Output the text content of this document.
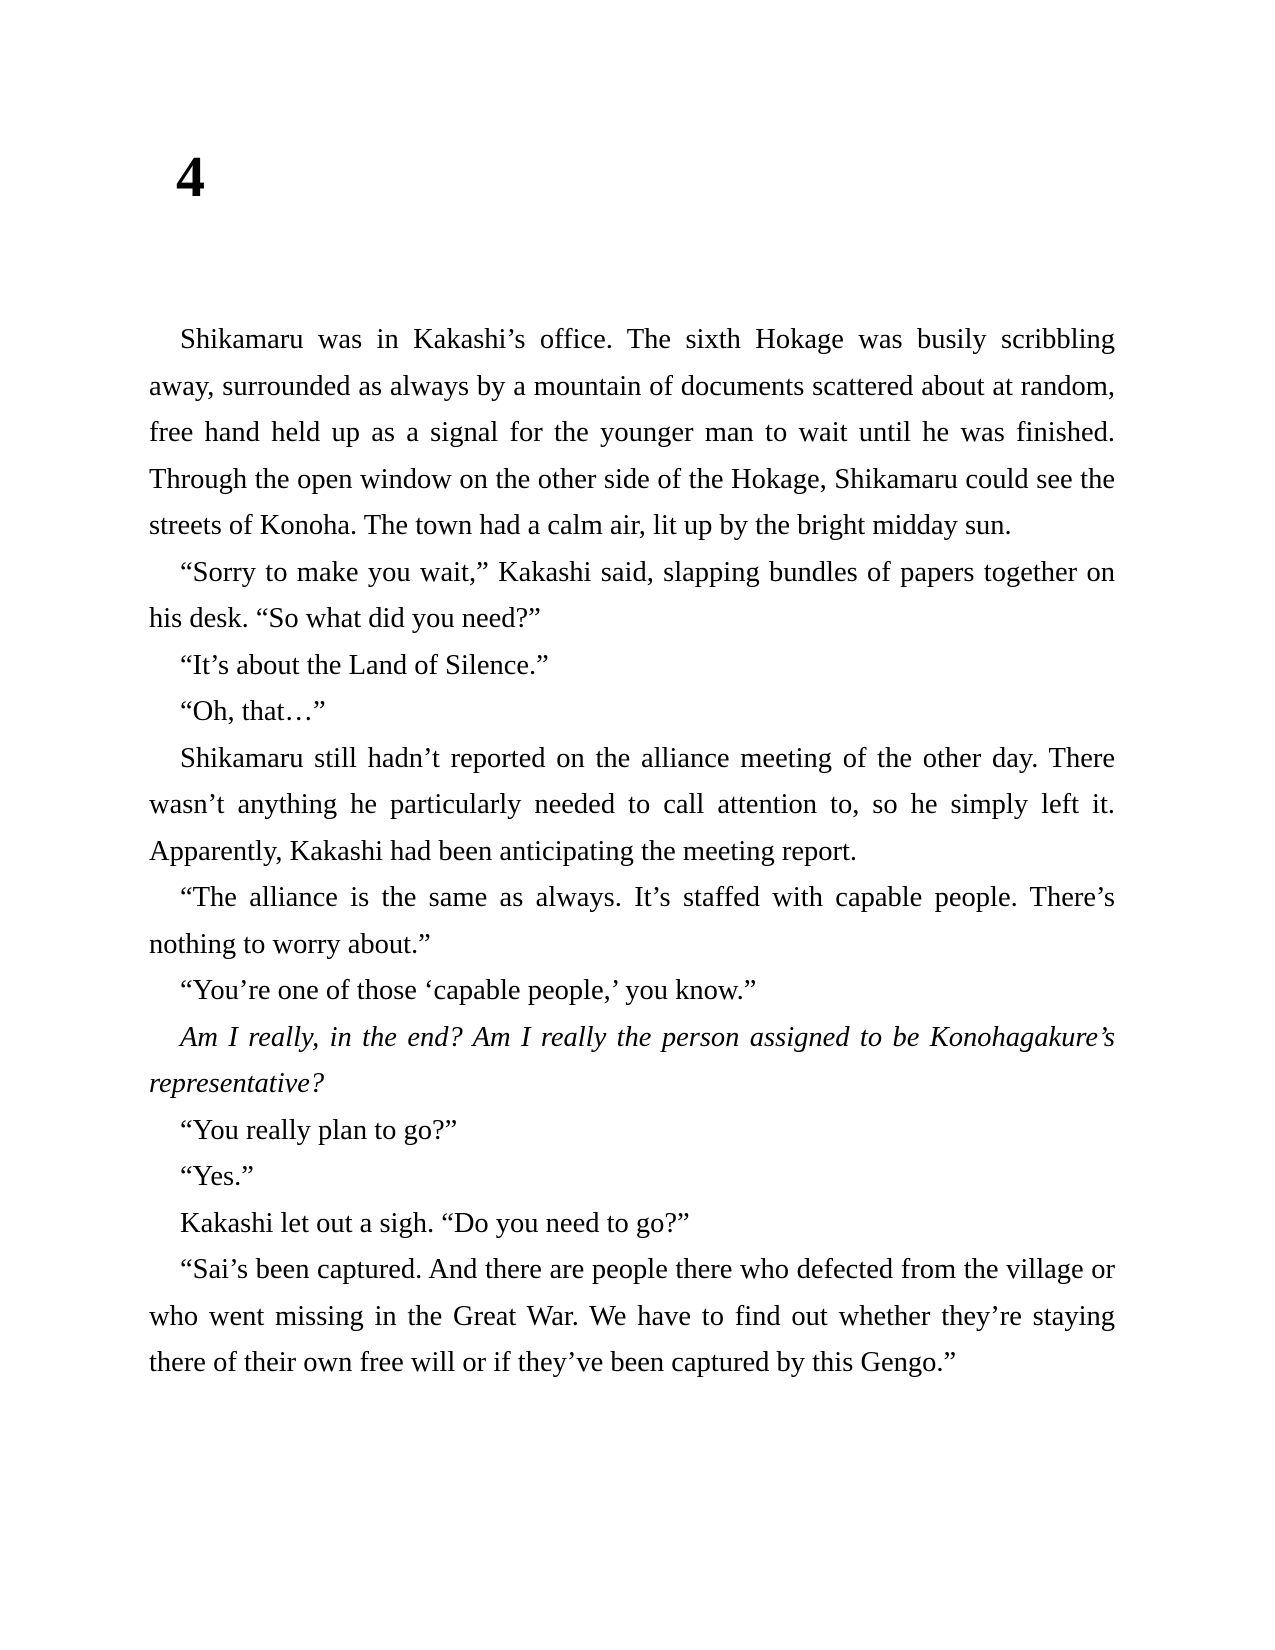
4

Shikamaru was in Kakashi’s office. The sixth Hokage was busily scribbling away, surrounded as always by a mountain of documents scattered about at random, free hand held up as a signal for the younger man to wait until he was finished. Through the open window on the other side of the Hokage, Shikamaru could see the streets of Konoha. The town had a calm air, lit up by the bright midday sun.

“Sorry to make you wait,” Kakashi said, slapping bundles of papers together on his desk. “So what did you need?”

“It’s about the Land of Silence.”

“Oh, that…”

Shikamaru still hadn’t reported on the alliance meeting of the other day. There wasn’t anything he particularly needed to call attention to, so he simply left it. Apparently, Kakashi had been anticipating the meeting report.

“The alliance is the same as always. It’s staffed with capable people. There’s nothing to worry about.”

“You’re one of those ‘capable people,’ you know.”

Am I really, in the end? Am I really the person assigned to be Konohagakure’s representative?

“You really plan to go?”

“Yes.”

Kakashi let out a sigh. “Do you need to go?”

“Sai’s been captured. And there are people there who defected from the village or who went missing in the Great War. We have to find out whether they’re staying there of their own free will or if they’ve been captured by this Gengo.”
